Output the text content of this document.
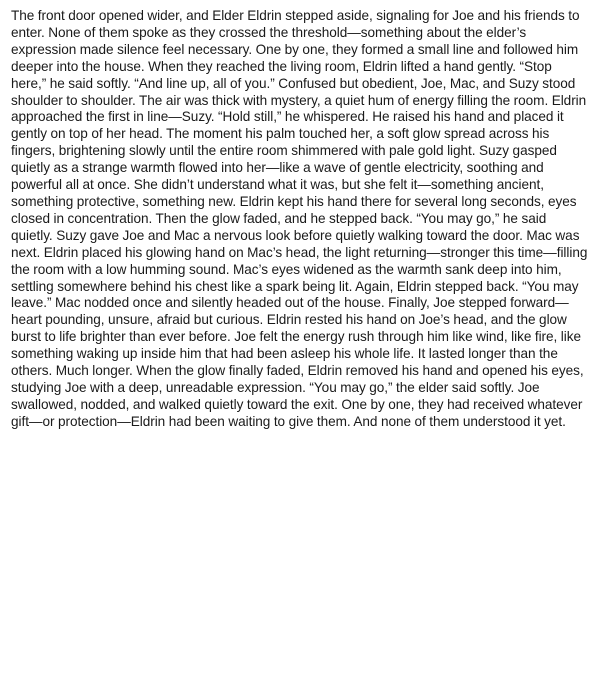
The front door opened wider, and Elder Eldrin stepped aside, signaling for Joe and his friends to enter. None of them spoke as they crossed the threshold—something about the elder’s expression made silence feel necessary. One by one, they formed a small line and followed him deeper into the house. When they reached the living room, Eldrin lifted a hand gently. “Stop here,” he said softly. “And line up, all of you.” Confused but obedient, Joe, Mac, and Suzy stood shoulder to shoulder. The air was thick with mystery, a quiet hum of energy filling the room. Eldrin approached the first in line—Suzy. “Hold still,” he whispered. He raised his hand and placed it gently on top of her head. The moment his palm touched her, a soft glow spread across his fingers, brightening slowly until the entire room shimmered with pale gold light. Suzy gasped quietly as a strange warmth flowed into her—like a wave of gentle electricity, soothing and powerful all at once. She didn’t understand what it was, but she felt it—something ancient, something protective, something new. Eldrin kept his hand there for several long seconds, eyes closed in concentration. Then the glow faded, and he stepped back. “You may go,” he said quietly. Suzy gave Joe and Mac a nervous look before quietly walking toward the door. Mac was next. Eldrin placed his glowing hand on Mac’s head, the light returning—stronger this time—filling the room with a low humming sound. Mac’s eyes widened as the warmth sank deep into him, settling somewhere behind his chest like a spark being lit. Again, Eldrin stepped back. “You may leave.” Mac nodded once and silently headed out of the house. Finally, Joe stepped forward—heart pounding, unsure, afraid but curious. Eldrin rested his hand on Joe’s head, and the glow burst to life brighter than ever before. Joe felt the energy rush through him like wind, like fire, like something waking up inside him that had been asleep his whole life. It lasted longer than the others. Much longer. When the glow finally faded, Eldrin removed his hand and opened his eyes, studying Joe with a deep, unreadable expression. “You may go,” the elder said softly. Joe swallowed, nodded, and walked quietly toward the exit. One by one, they had received whatever gift—or protection—Eldrin had been waiting to give them. And none of them understood it yet.
